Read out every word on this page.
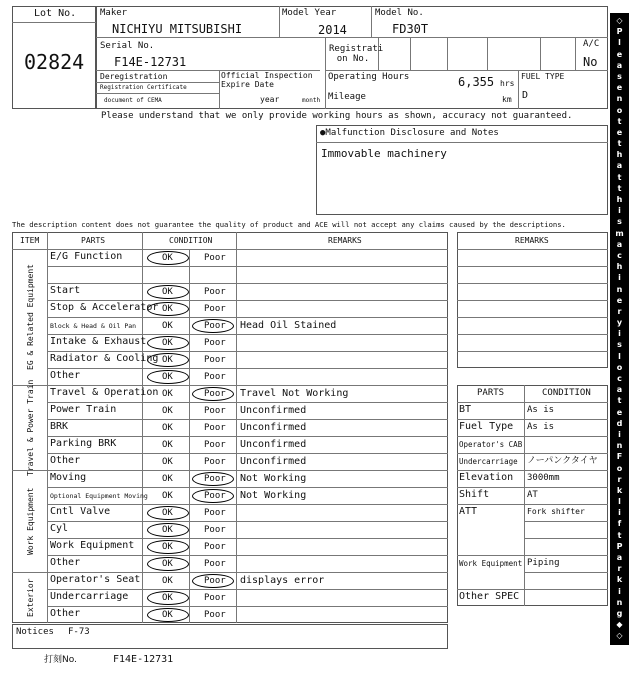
Lot No.
02824
Maker
NICHIYU MITSUBISHI
Model Year
2014
Model No.
FD30T
Serial No.
F14E-12731
Registrati on No.
A/C
No
Deregistration
Registration Certificate
document of CEMA
Official Inspection Expire Date
year	month
Operating Hours	6,355 hrs
Mileage	km
FUEL TYPE
D
Please understand that we only provide working hours as shown, accuracy not guaranteed.
●Malfunction Disclosure and Notes
Immovable machinery
The description content does not guarantee the quality of product and ACE will not accept any claims caused by the descriptions.
Notices F-73
打刻No.	F14E-12731
◇
P
l
e
a
s
e
n
o
t
e
t
h
a
t
t
h
i
s
m
a
c
h
i
n
e
r
y
i
s
l
o
c
a
t
e
d
i
n
F
o
r
k
l
i
f
t
P
a
r
k
i
n
g
◆
◇
ITEM	PARTS	CONDITION	REMARKS
EG & Related Equipment
Travel & Power Train
Work Equipment
Exterior
E/G Function	OK	Poor
Start	OK	Poor
Stop & Accelerator OK	Poor
Block & Head & Oil Pan	OK	Poor Head Oil Stained
Intake & Exhaust OK	Poor
Radiator & Cooling OK	Poor
Other	OK	Poor
Travel & Operation OK	Poor Travel Not Working
Power Train	OK	Poor Unconfirmed
BRK	OK	Poor Unconfirmed
Parking BRK	OK	Poor Unconfirmed
Other	OK	Poor Unconfirmed
Moving	OK	Poor Not Working
Optional Equipment Moving OK	Poor Not Working
Cntl Valve	OK	Poor
Cyl	OK	Poor
Work Equipment	OK	Poor
Other	OK	Poor
Operator's Seat OK	Poor displays error
Undercarriage	OK	Poor
Other	OK	Poor
REMARKS
PARTS	CONDITION
BT	As is
Fuel Type As is
Operator's CAB
Undercarriage ノーパンクタイヤ
Elevation 3000mm
Shift	AT
ATT	Fork shifter
Work Equipment Piping
Other SPEC
